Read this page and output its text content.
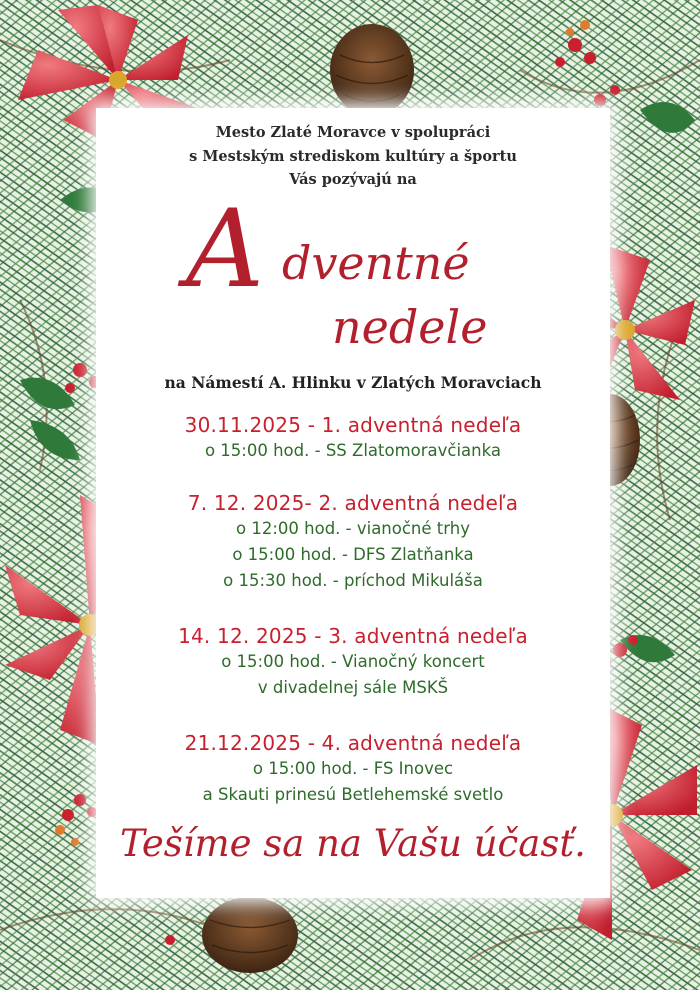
Mesto Zlaté Moravce v spolupráci
s Mestským strediskom kultúry a športu
Vás pozývajú na
A dventné
nedele
na Námestí A. Hlinku v Zlatých Moravciach
30.11.2025 - 1. adventná nedeľa
o 15:00 hod. - SS Zlatomoravčianka
7. 12. 2025- 2. adventná nedeľa
o 12:00 hod. - vianočné trhy
o 15:00 hod. - DFS Zlatňanka
o 15:30 hod. - príchod Mikuláša
14. 12. 2025 - 3. adventná nedeľa
o 15:00 hod. - Vianočný koncert
v divadelnej sále MSKŠ
21.12.2025 - 4. adventná nedeľa
o 15:00 hod. - FS Inovec
a Skauti prinesú Betlehemské svetlo
Tešíme sa na Vašu účasť.
